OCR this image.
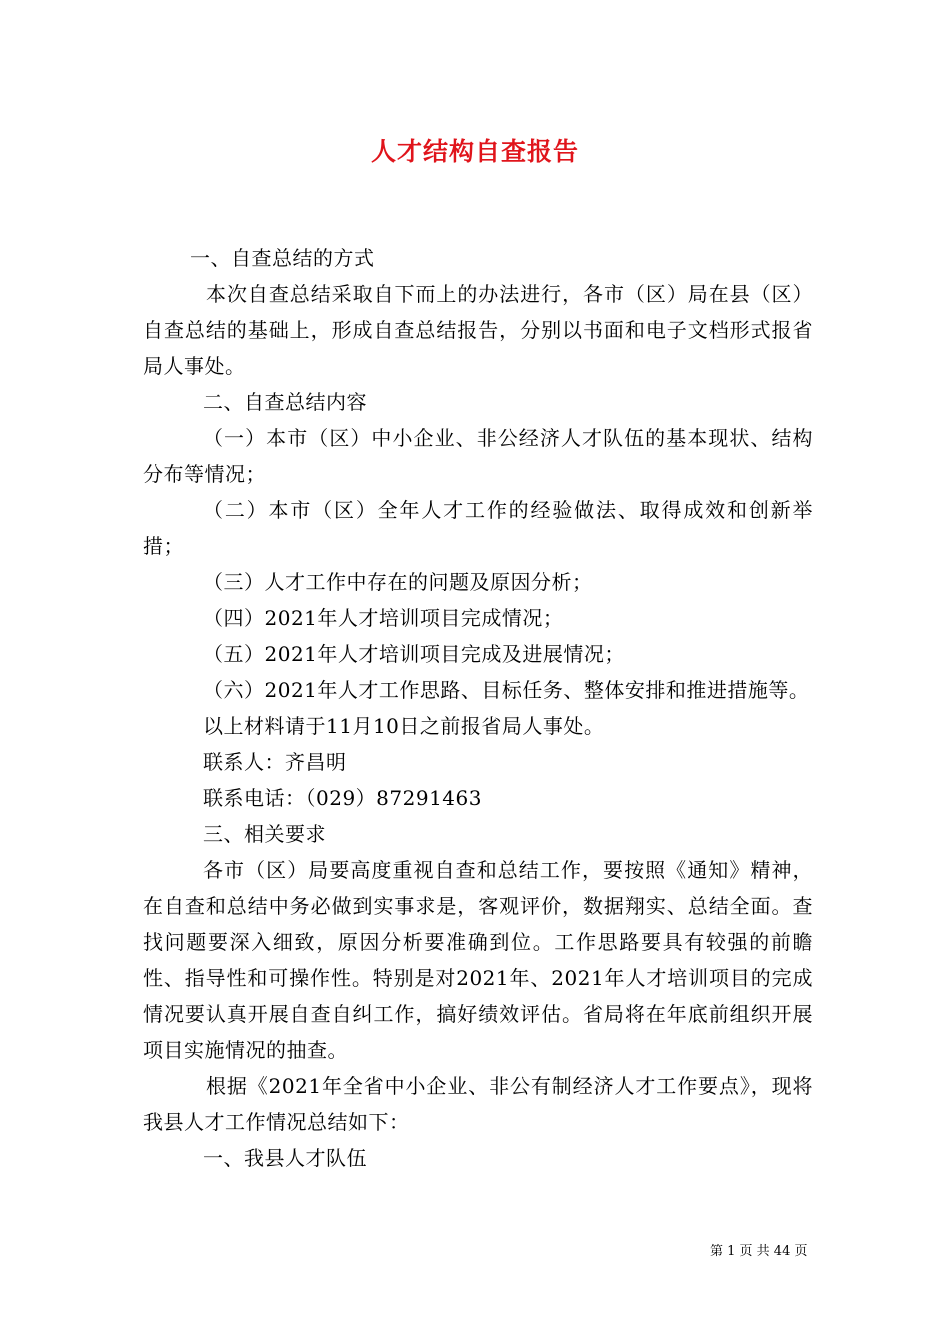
人才结构自查报告

一、自查总结的方式

本次自查总结采取自下而上的办法进行，各市（区）局在县（区）自查总结的基础上，形成自查总结报告，分别以书面和电子文档形式报省局人事处。

二、自查总结内容

（一）本市（区）中小企业、非公经济人才队伍的基本现状、结构分布等情况；

（二）本市（区）全年人才工作的经验做法、取得成效和创新举措；

（三）人才工作中存在的问题及原因分析；

（四）2021年人才培训项目完成情况；

（五）2021年人才培训项目完成及进展情况；

（六）2021年人才工作思路、目标任务、整体安排和推进措施等。

以上材料请于11月10日之前报省局人事处。

联系人：齐昌明

联系电话：（029）87291463

三、相关要求

各市（区）局要高度重视自查和总结工作，要按照《通知》精神，在自查和总结中务必做到实事求是，客观评价，数据翔实、总结全面。查找问题要深入细致，原因分析要准确到位。工作思路要具有较强的前瞻性、指导性和可操作性。特别是对2021年、2021年人才培训项目的完成情况要认真开展自查自纠工作，搞好绩效评估。省局将在年底前组织开展项目实施情况的抽查。

根据《2021年全省中小企业、非公有制经济人才工作要点》，现将我县人才工作情况总结如下：

一、我县人才队伍

第 1 页 共 44 页
